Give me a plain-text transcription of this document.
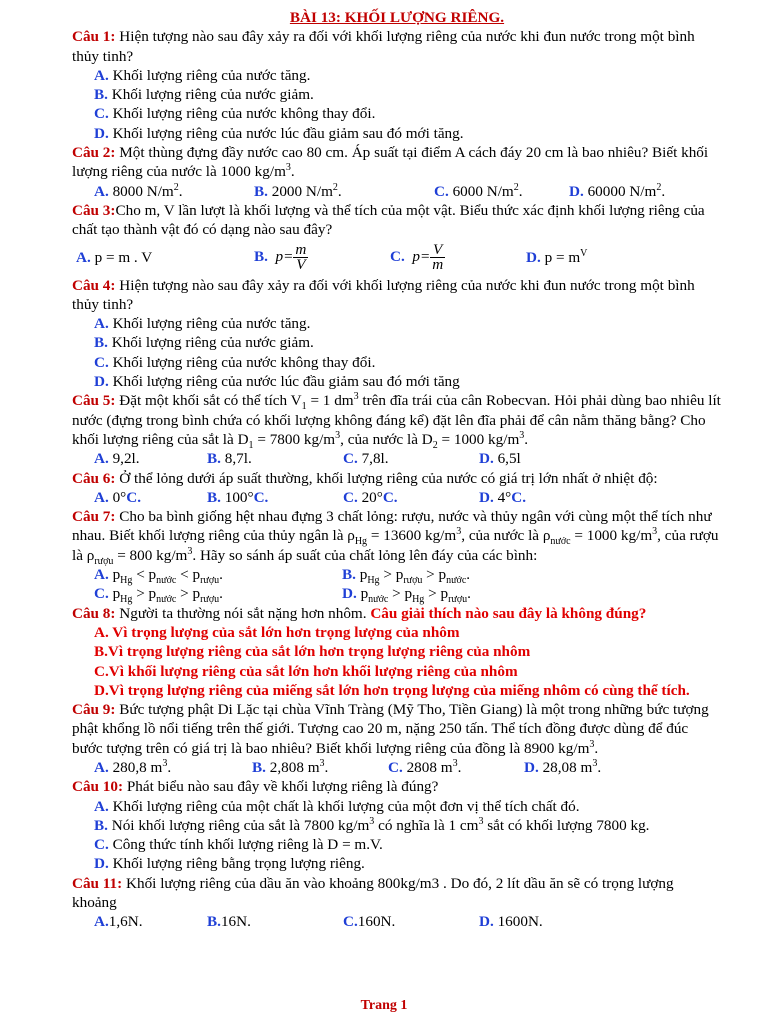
BÀI 13: KHỐI LƯỢNG RIÊNG.

Câu 1: Hiện tượng nào sau đây xảy ra đối với khối lượng riêng của nước khi đun nước trong một bình thủy tinh?

A. Khối lượng riêng của nước tăng.
B. Khối lượng riêng của nước giảm.
C. Khối lượng riêng của nước không thay đổi.
D. Khối lượng riêng của nước lúc đầu giảm sau đó mới tăng.

Câu 2: Một thùng đựng đầy nước cao 80 cm. Áp suất tại điểm A cách đáy 20 cm là bao nhiêu? Biết khối lượng riêng của nước là 1000 $kg/m^3$.

A. 8000 $N/m^2$.	B. 2000 $N/m^2$.	C. 6000 $N/m^2$.	D. 60000 $N/m^2$.

Câu 3:Cho m, V lần lượt là khối lượng và thể tích của một vật. Biểu thức xác định khối lượng riêng của chất tạo thành vật đó có dạng nào sau đây?

A. p = m . V	B. $p= \frac{m}{V}$	C. $p= \frac{V}{m}$	D. $p = m^V$

Câu 4: Hiện tượng nào sau đây xảy ra đối với khối lượng riêng của nước khi đun nước trong một bình thủy tinh?

A. Khối lượng riêng của nước tăng.
B. Khối lượng riêng của nước giảm.
C. Khối lượng riêng của nước không thay đổi.
D. Khối lượng riêng của nước lúc đầu giảm sau đó mới tăng

Câu 5: Đặt một khối sắt có thể tích $V_1 = 1$ $dm^3$ trên đĩa trái của cân Robecvan. Hỏi phải dùng bao nhiêu lít nước (đựng trong bình chứa có khối lượng không đáng kể) đặt lên đĩa phải để cân nằm thăng bằng? Cho khối lượng riêng của sắt là $D_1 = 7800$ $kg/m^3$, của nước là $D_2 = 1000$ $kg/m^3$.

A. 9,2l.	B. 8,7l.	C. 7,8l.	D. 6,5l

Câu 6: Ở thể lỏng dưới áp suất thường, khối lượng riêng của nước có giá trị lớn nhất ở nhiệt độ:

A. 0°C.	B. 100°C.	C. 20°C.	D. 4°C.

Câu 7: Cho ba bình giống hệt nhau đựng 3 chất lỏng: rượu, nước và thủy ngân với cùng một thể tích như nhau. Biết khối lượng riêng của thủy ngân là $\rho_{Hg} = 13600$ $kg/m^3$, của nước là $\rho_{nước} = 1000$ $kg/m^3$, của rượu là $\rho_{rượu} = 800$ $kg/m^3$. Hãy so sánh áp suất của chất lỏng lên đáy của các bình:

A. $p_{Hg} < p_{nước} < p_{rượu}$.	B. $p_{Hg} > p_{rượu} > p_{nước}$.
C. $p_{Hg} > p_{nước} > p_{rượu}$.	D. $p_{nước} > p_{Hg} > p_{rượu}$.

Câu 8: Người ta thường nói sắt nặng hơn nhôm. Câu giải thích nào sau đây là không đúng?

A. Vì trọng lượng của sắt lớn hơn trọng lượng của nhôm
B.Vì trọng lượng riêng của sắt lớn hơn trọng lượng riêng của nhôm
C.Vì khối lượng riêng của sắt lớn hơn khối lượng riêng của nhôm
D.Vì trọng lượng riêng của miếng sắt lớn hơn trọng lượng của miếng nhôm có cùng thể tích.

Câu 9: Bức tượng phật Di Lặc tại chùa Vĩnh Tràng (Mỹ Tho, Tiền Giang) là một trong những bức tượng phật khổng lồ nổi tiếng trên thế giới. Tượng cao 20 m, nặng 250 tấn. Thể tích đồng được dùng để đúc bước tượng trên có giá trị là bao nhiêu? Biết khối lượng riêng của đồng là 8900 $kg/m^3$.

A. 280,8 $m^3$.	B. 2,808 $m^3$.	C. 2808 $m^3$.	D. 28,08 $m^3$.

Câu 10: Phát biểu nào sau đây về khối lượng riêng là đúng?

A. Khối lượng riêng của một chất là khối lượng của một đơn vị thể tích chất đó.
B. Nói khối lượng riêng của sắt là 7800 $kg/m^3$ có nghĩa là 1 $cm^3$ sắt có khối lượng 7800 kg.
C. Công thức tính khối lượng riêng là D = m.V.
D. Khối lượng riêng bằng trọng lượng riêng.

Câu 11: Khối lượng riêng của dầu ăn vào khoảng 800kg/m3 . Do đó, 2 lít dầu ăn sẽ có trọng lượng khoảng

A.1,6N.	B.16N.	C.160N.	D. 1600N.
Trang 1
